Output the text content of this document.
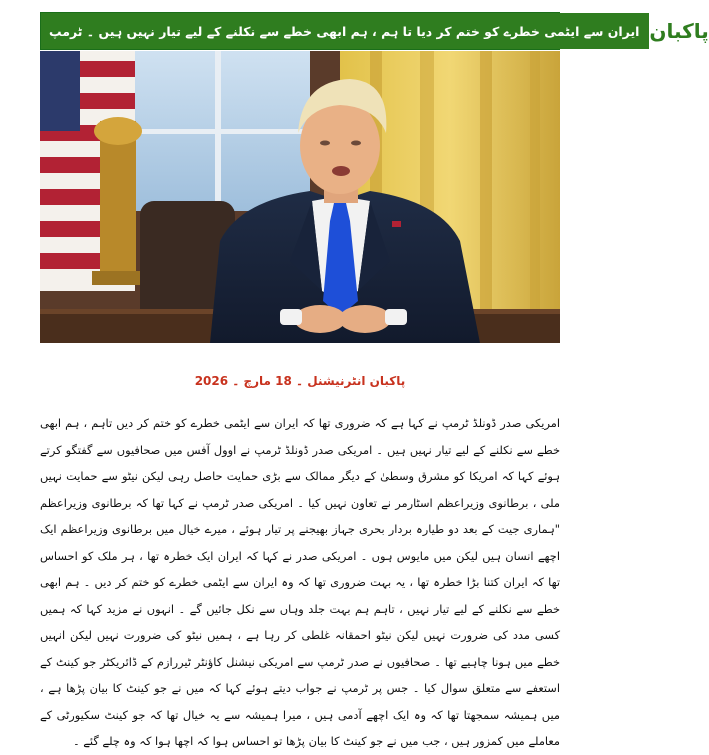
ایران سے ایٹمی خطرے کو ختم کر دیا تا ہم ، ہم ابھی خطے سے نکلنے کے لیے تیار نہیں ہیں ۔ ٹرمپ پاکبان
پاکبان انٹرنیشنل ۔ 18 مارچ ۔ 2026

امریکی صدر ڈونلڈ ٹرمپ نے کہا ہے کہ ضروری تھا کہ ایران سے ایٹمی خطرے کو ختم کر دیں تاہم ، ہم ابھی خطے سے نکلنے کے لیے تیار نہیں ہیں ۔ امریکی صدر ڈونلڈ ٹرمپ نے اوول آفس میں صحافیوں سے گفتگو کرتے ہوئے کہا کہ امریکا کو مشرق وسطیٰ کے دیگر ممالک سے بڑی حمایت حاصل رہی لیکن نیٹو سے حمایت نہیں ملی ، برطانوی وزیراعظم اسٹارمر نے تعاون نہیں کیا ۔ امریکی صدر ٹرمپ نے کہا تھا کہ برطانوی وزیراعظم "ہماری جیت کے بعد دو طیارہ بردار بحری جہاز بھیجنے پر تیار ہوئے ، میرے خیال میں برطانوی وزیراعظم ایک اچھے انسان ہیں لیکن میں مایوس ہوں ۔ امریکی صدر نے کہا کہ ایران ایک خطرہ تھا ، ہر ملک کو احساس تھا کہ ایران کتنا بڑا خطرہ تھا ، یہ بہت ضروری تھا کہ وہ ایران سے ایٹمی خطرے کو ختم کر دیں ۔ ہم ابھی خطے سے نکلنے کے لیے تیار نہیں ، تاہم ہم بہت جلد وہاں سے نکل جائیں گے ۔ انہوں نے مزید کہا کہ ہمیں کسی مدد کی ضرورت نہیں لیکن نیٹو احمقانہ غلطی کر رہا ہے ، ہمیں نیٹو کی ضرورت نہیں لیکن انہیں خطے میں ہونا چاہیے تھا ۔ صحافیوں نے صدر ٹرمپ سے امریکی نیشنل کاؤنٹر ٹیررازم کے ڈائریکٹر جو کینٹ کے استعفے سے متعلق سوال کیا ۔ جس پر ٹرمپ نے جواب دیتے ہوئے کہا کہ میں نے جو کینٹ کا بیان پڑھا ہے ، میں ہمیشہ سمجھتا تھا کہ وہ ایک اچھے آدمی ہیں ، میرا ہمیشہ سے یہ خیال تھا کہ جو کینٹ سکیورٹی کے معاملے میں کمزور ہیں ، جب میں نے جو کینٹ کا بیان پڑھا تو احساس ہوا کہ اچھا ہوا کہ وہ چلے گئے ۔
